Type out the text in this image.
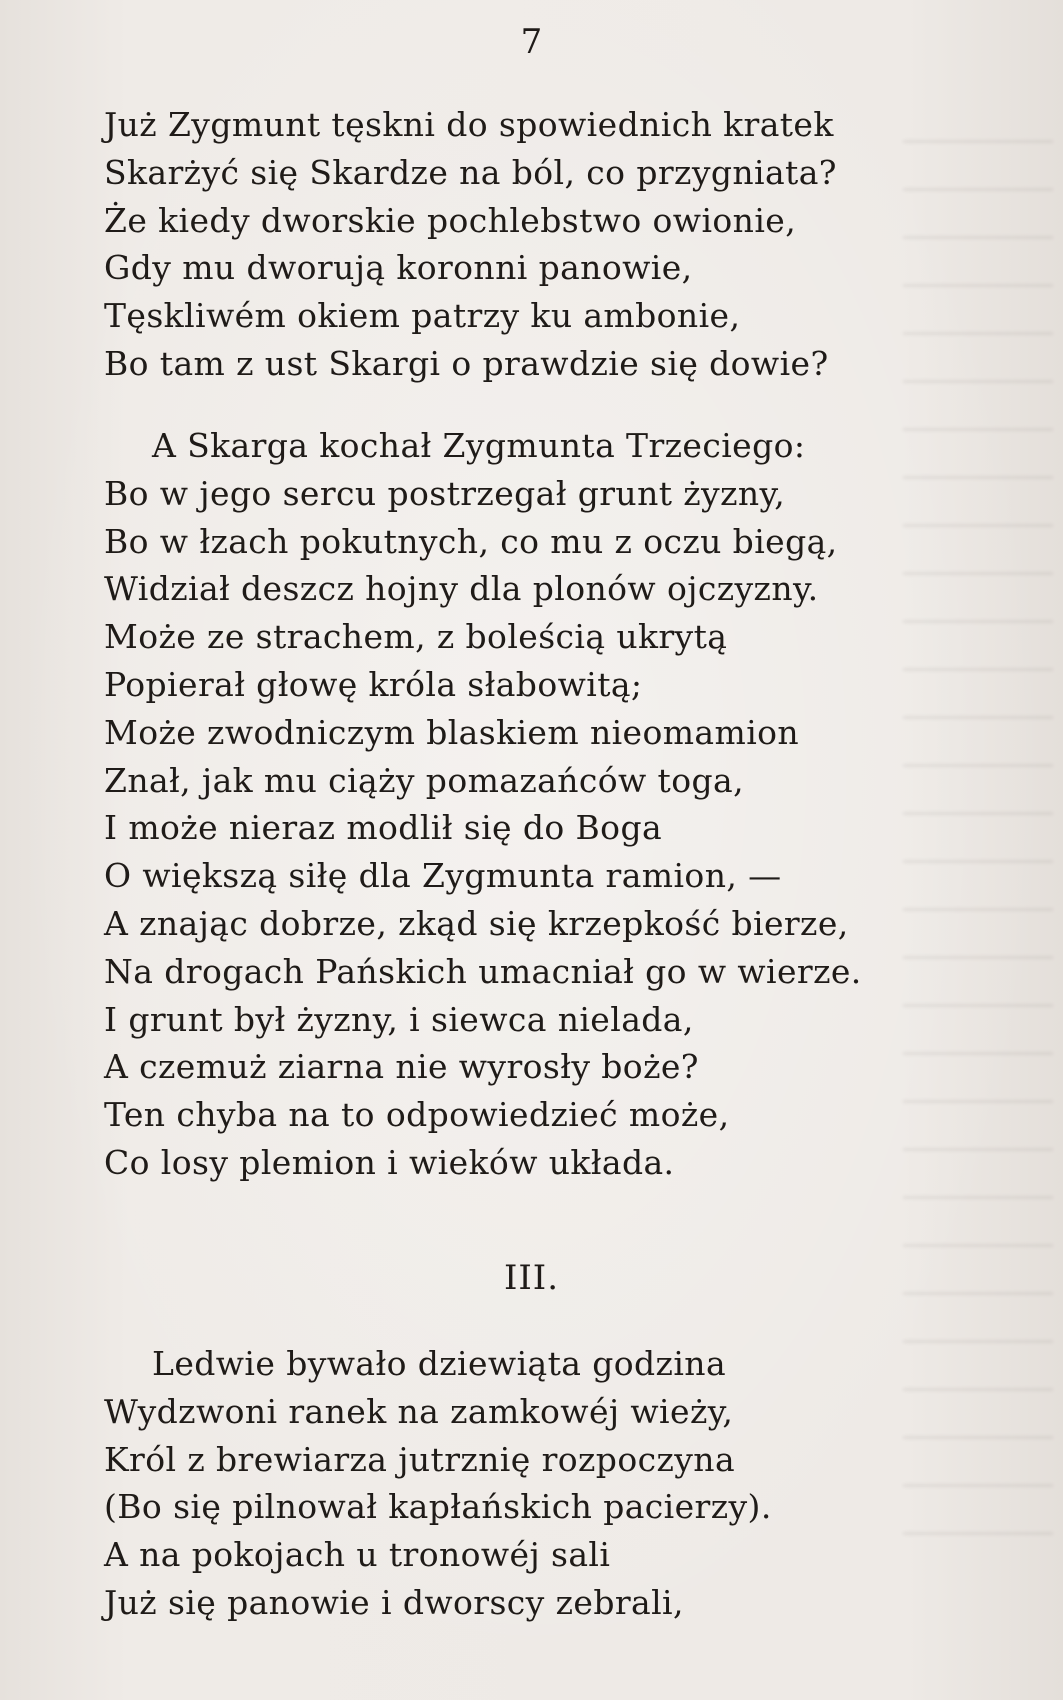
7
Już Zygmunt tęskni do spowiednich kratek
Skarżyć się Skardze na ból, co przygniata?
Że kiedy dworskie pochlebstwo owionie,
Gdy mu dworują koronni panowie,
Tęskliwém okiem patrzy ku ambonie,
Bo tam z ust Skargi o prawdzie się dowie?
A Skarga kochał Zygmunta Trzeciego:
Bo w jego sercu postrzegał grunt żyzny,
Bo w łzach pokutnych, co mu z oczu biegą,
Widział deszcz hojny dla plonów ojczyzny.
Może ze strachem, z boleścią ukrytą
Popierał głowę króla słabowitą;
Może zwodniczym blaskiem nieomamion
Znał, jak mu ciąży pomazańców toga,
I może nieraz modlił się do Boga
O większą siłę dla Zygmunta ramion, —
A znając dobrze, zkąd się krzepkość bierze,
Na drogach Pańskich umacniał go w wierze.
I grunt był żyzny, i siewca nielada,
A czemuż ziarna nie wyrosły boże?
Ten chyba na to odpowiedzieć może,
Co losy plemion i wieków układa.
III.
Ledwie bywało dziewiąta godzina
Wydzwoni ranek na zamkowéj wieży,
Król z brewiarza jutrznię rozpoczyna
(Bo się pilnował kapłańskich pacierzy).
A na pokojach u tronowéj sali
Już się panowie i dworscy zebrali,
